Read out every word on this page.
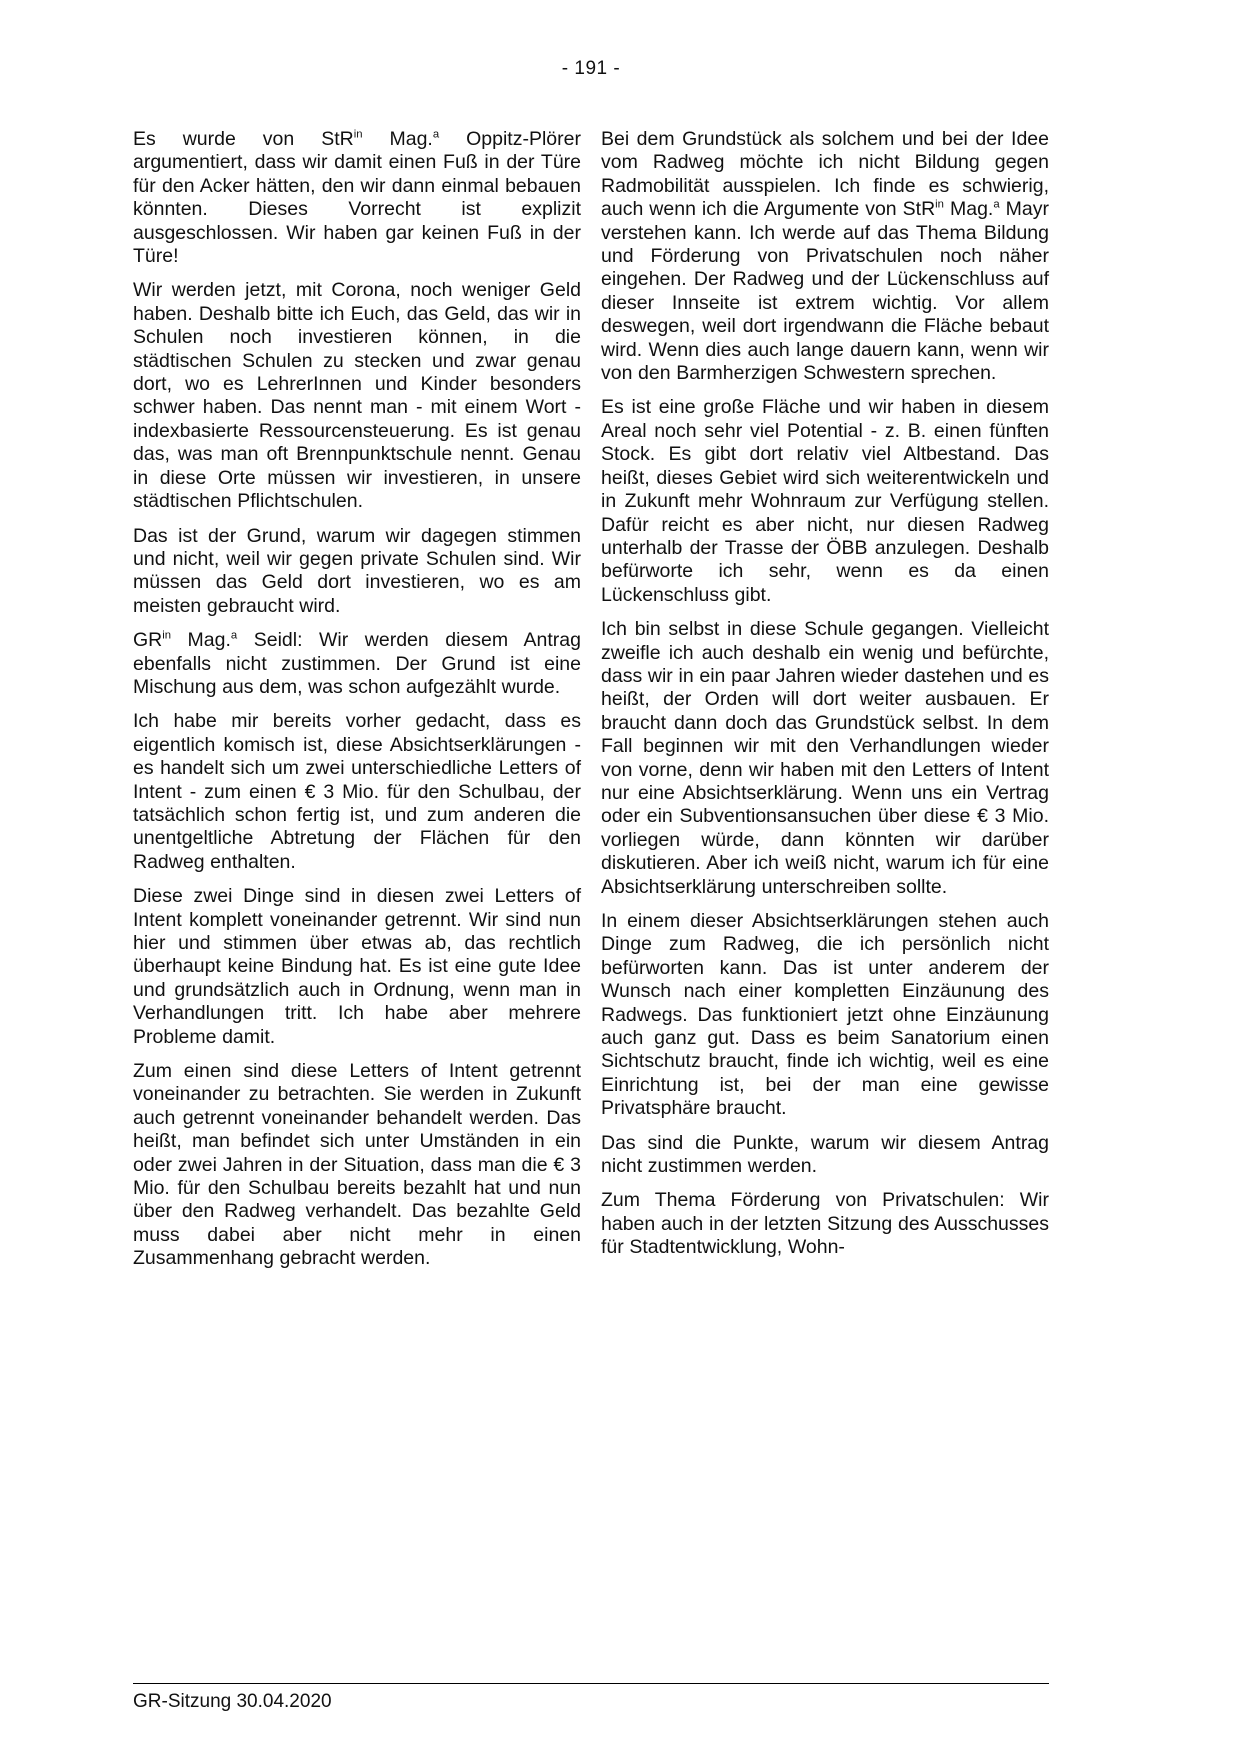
- 191 -

Es wurde von StR$^{in}$ Mag.$^a$ Oppitz-Plörer argumentiert, dass wir damit einen Fuß in der Türe für den Acker hätten, den wir dann einmal bebauen könnten. Dieses Vorrecht ist explizit ausgeschlossen. Wir haben gar keinen Fuß in der Türe!

Wir werden jetzt, mit Corona, noch weniger Geld haben. Deshalb bitte ich Euch, das Geld, das wir in Schulen noch investieren können, in die städtischen Schulen zu stecken und zwar genau dort, wo es LehrerInnen und Kinder besonders schwer haben. Das nennt man - mit einem Wort - indexbasierte Ressourcensteuerung. Es ist genau das, was man oft Brennpunktschule nennt. Genau in diese Orte müssen wir investieren, in unsere städtischen Pflichtschulen.

Das ist der Grund, warum wir dagegen stimmen und nicht, weil wir gegen private Schulen sind. Wir müssen das Geld dort investieren, wo es am meisten gebraucht wird.

$GR^{in}$ Mag.$^a$ Seidl: Wir werden diesem Antrag ebenfalls nicht zustimmen. Der Grund ist eine Mischung aus dem, was schon aufgezählt wurde.

Ich habe mir bereits vorher gedacht, dass es eigentlich komisch ist, diese Absichtserklärungen - es handelt sich um zwei unterschiedliche Letters of Intent - zum einen € 3 Mio. für den Schulbau, der tatsächlich schon fertig ist, und zum anderen die unentgeltliche Abtretung der Flächen für den Radweg enthalten.

Diese zwei Dinge sind in diesen zwei Letters of Intent komplett voneinander getrennt. Wir sind nun hier und stimmen über etwas ab, das rechtlich überhaupt keine Bindung hat. Es ist eine gute Idee und grundsätzlich auch in Ordnung, wenn man in Verhandlungen tritt. Ich habe aber mehrere Probleme damit.

Zum einen sind diese Letters of Intent getrennt voneinander zu betrachten. Sie werden in Zukunft auch getrennt voneinander behandelt werden. Das heißt, man befindet sich unter Umständen in ein oder zwei Jahren in der Situation, dass man die € 3 Mio. für den Schulbau bereits bezahlt hat und nun über den Radweg verhandelt. Das bezahlte Geld muss dabei aber nicht mehr in einen Zusammenhang gebracht werden.

Bei dem Grundstück als solchem und bei der Idee vom Radweg möchte ich nicht Bildung gegen Radmobilität ausspielen. Ich finde es schwierig, auch wenn ich die Argumente von StR$^{in}$ Mag.$^a$ Mayr verstehen kann. Ich werde auf das Thema Bildung und Förderung von Privatschulen noch näher eingehen. Der Radweg und der Lückenschluss auf dieser Innseite ist extrem wichtig. Vor allem deswegen, weil dort irgendwann die Fläche bebaut wird. Wenn dies auch lange dauern kann, wenn wir von den Barmherzigen Schwestern sprechen.

Es ist eine große Fläche und wir haben in diesem Areal noch sehr viel Potential - z. B. einen fünften Stock. Es gibt dort relativ viel Altbestand. Das heißt, dieses Gebiet wird sich weiterentwickeln und in Zukunft mehr Wohnraum zur Verfügung stellen. Dafür reicht es aber nicht, nur diesen Radweg unterhalb der Trasse der ÖBB anzulegen. Deshalb befürworte ich sehr, wenn es da einen Lückenschluss gibt.

Ich bin selbst in diese Schule gegangen. Vielleicht zweifle ich auch deshalb ein wenig und befürchte, dass wir in ein paar Jahren wieder dastehen und es heißt, der Orden will dort weiter ausbauen. Er braucht dann doch das Grundstück selbst. In dem Fall beginnen wir mit den Verhandlungen wieder von vorne, denn wir haben mit den Letters of Intent nur eine Absichtserklärung. Wenn uns ein Vertrag oder ein Subventionsansuchen über diese € 3 Mio. vorliegen würde, dann könnten wir darüber diskutieren. Aber ich weiß nicht, warum ich für eine Absichtserklärung unterschreiben sollte.

In einem dieser Absichtserklärungen stehen auch Dinge zum Radweg, die ich persönlich nicht befürworten kann. Das ist unter anderem der Wunsch nach einer kompletten Einzäunung des Radwegs. Das funktioniert jetzt ohne Einzäunung auch ganz gut. Dass es beim Sanatorium einen Sichtschutz braucht, finde ich wichtig, weil es eine Einrichtung ist, bei der man eine gewisse Privatsphäre braucht.

Das sind die Punkte, warum wir diesem Antrag nicht zustimmen werden.

Zum Thema Förderung von Privatschulen: Wir haben auch in der letzten Sitzung des Ausschusses für Stadtentwicklung, Wohn-

GR-Sitzung 30.04.2020
